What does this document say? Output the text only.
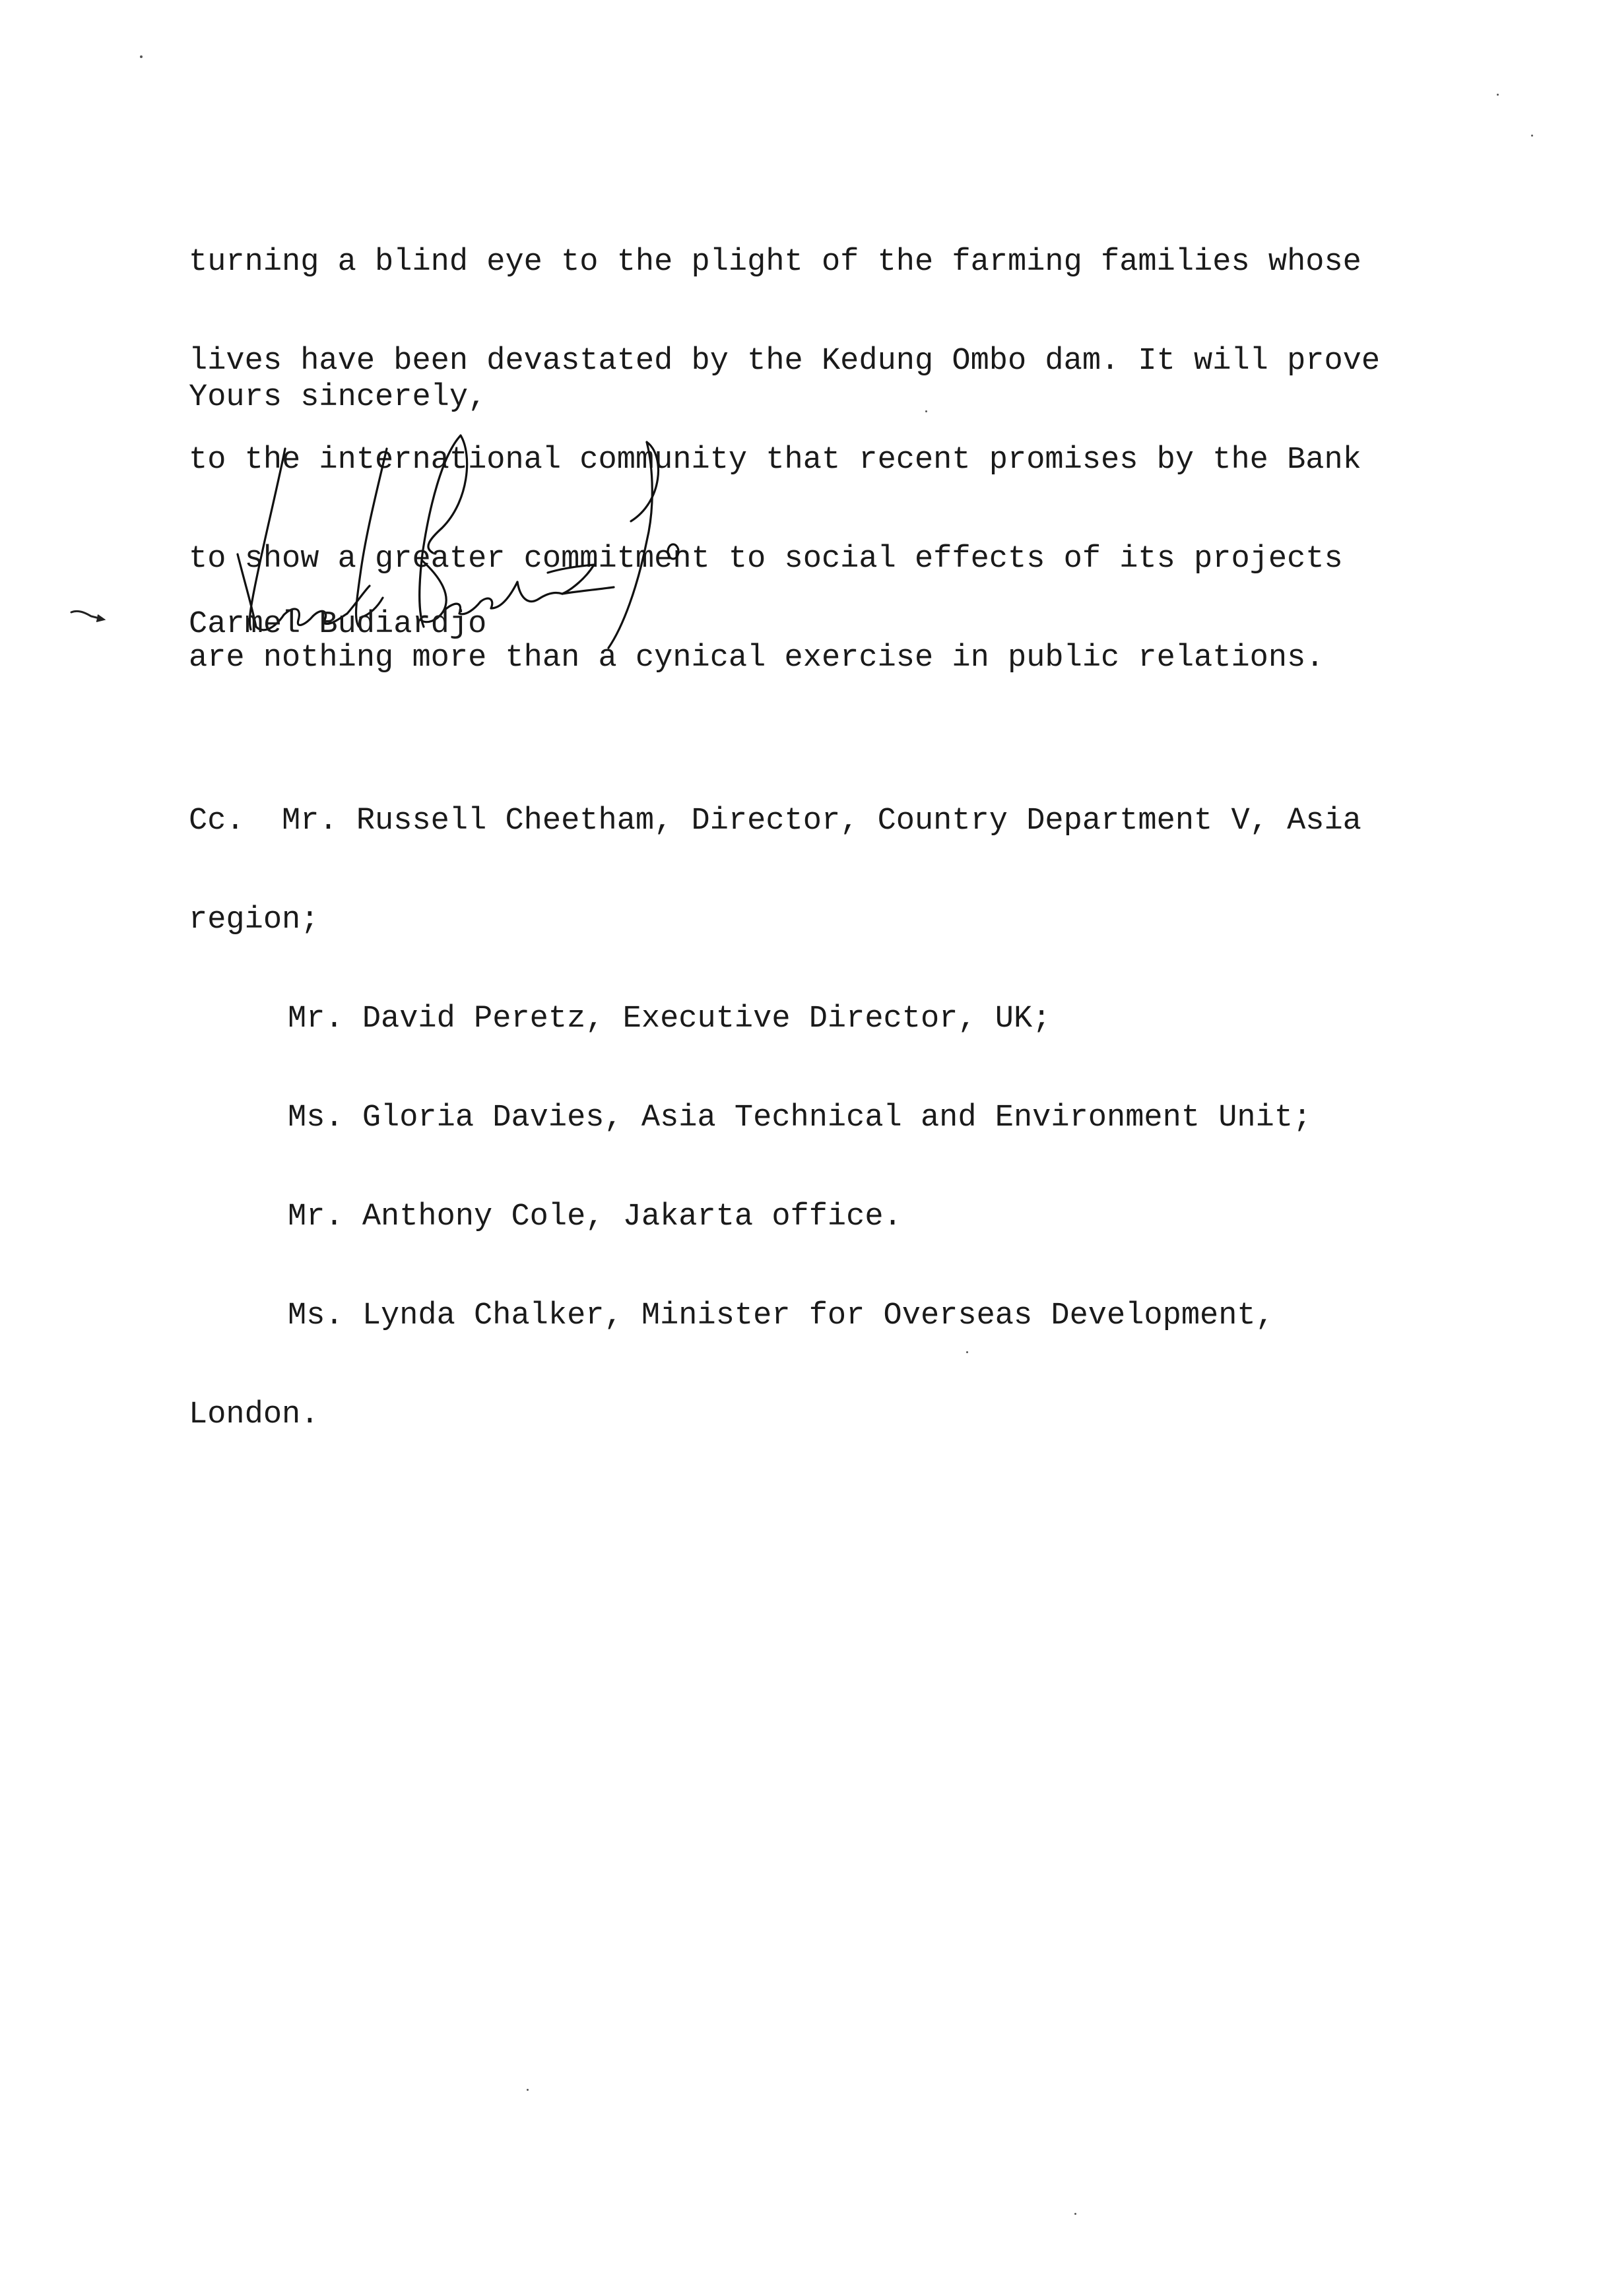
turning a blind eye to the plight of the farming families whose

lives have been devastated by the Kedung Ombo dam. It will prove

to the international community that recent promises by the Bank

to show a greater commitment to social effects of its projects

are nothing more than a cynical exercise in public relations.

Yours sincerely,
Carmel Budiardjo

Cc.  Mr. Russell Cheetham, Director, Country Department V, Asia

region;

Mr. David Peretz, Executive Director, UK;

Ms. Gloria Davies, Asia Technical and Environment Unit;

Mr. Anthony Cole, Jakarta office.

Ms. Lynda Chalker, Minister for Overseas Development,

London.
